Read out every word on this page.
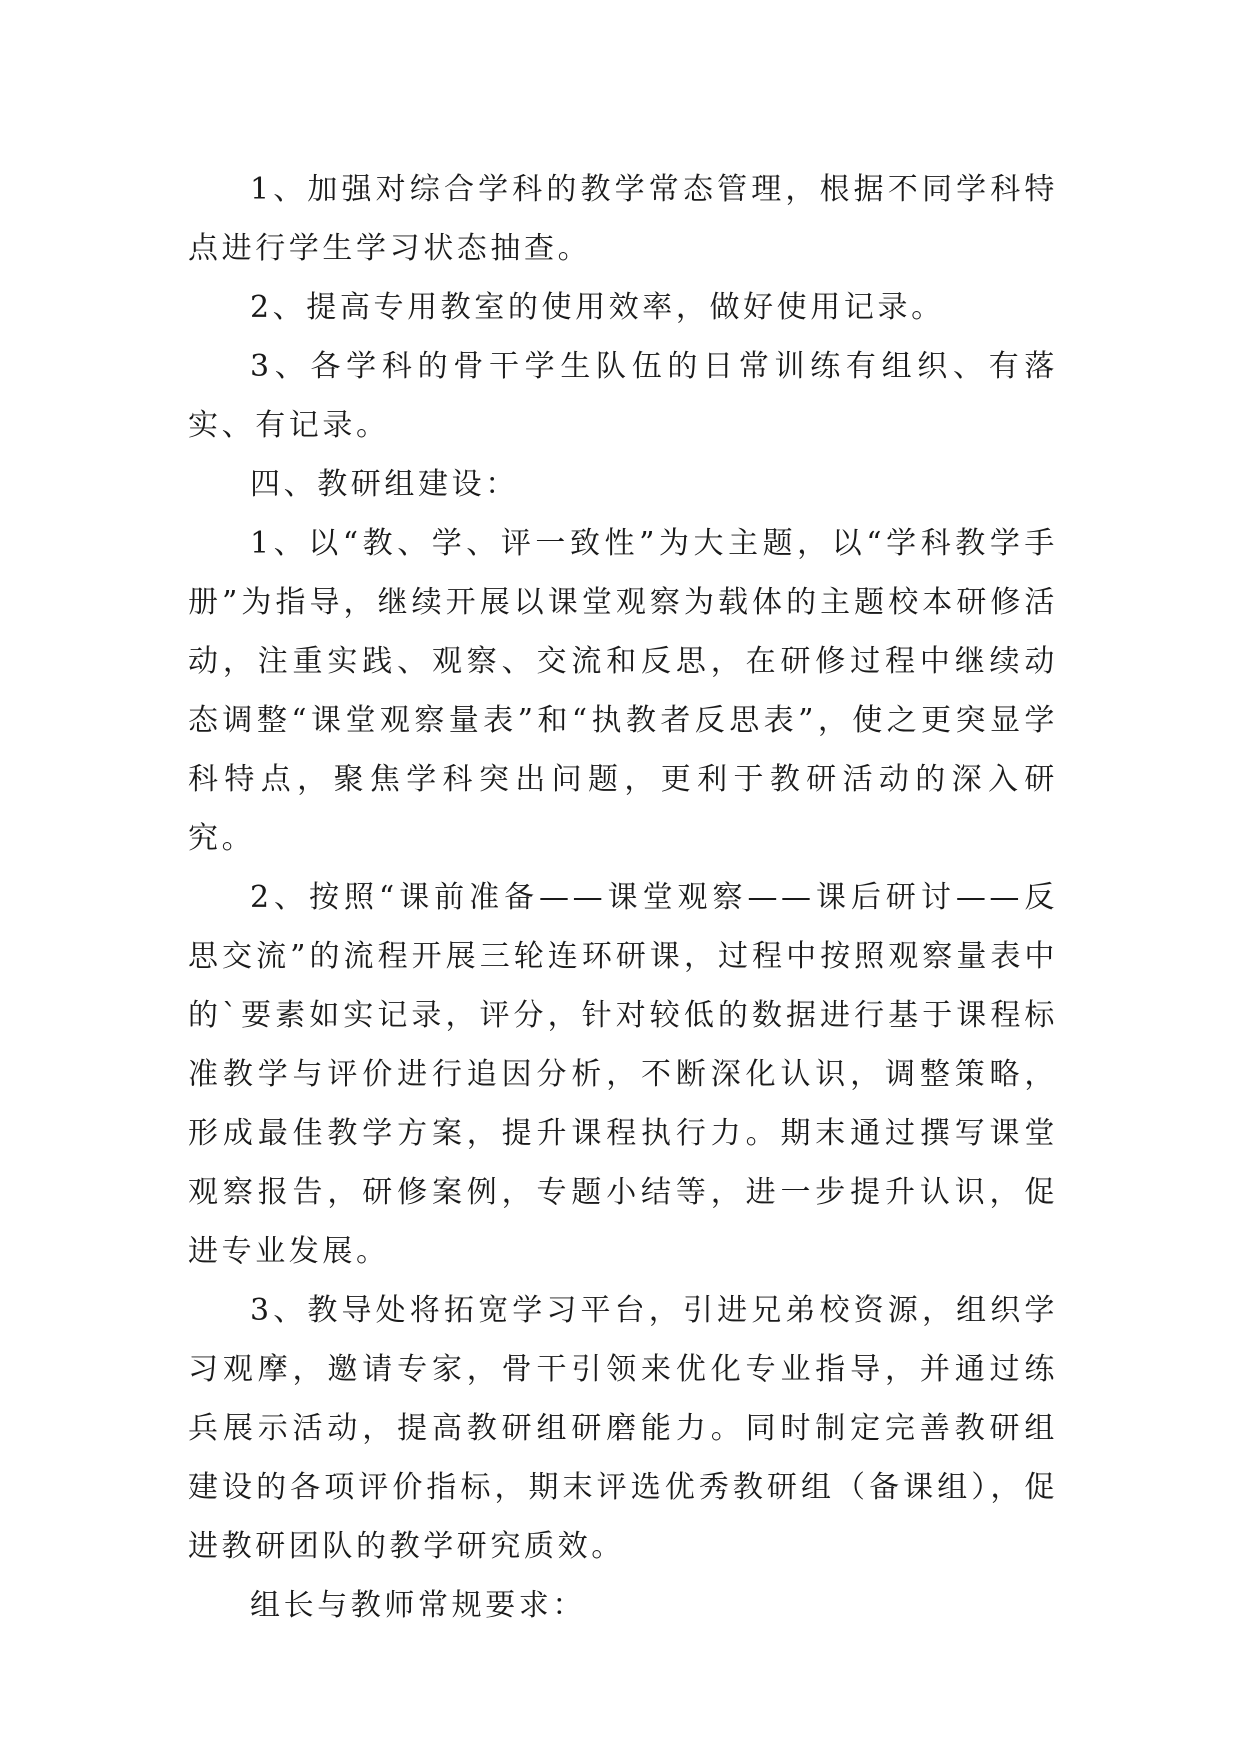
1、加强对综合学科的教学常态管理，根据不同学科特点进行学生学习状态抽查。

2、提高专用教室的使用效率，做好使用记录。

3、各学科的骨干学生队伍的日常训练有组织、有落实、有记录。

四、教研组建设：

1、以“教、学、评一致性”为大主题，以“学科教学手册”为指导，继续开展以课堂观察为载体的主题校本研修活动，注重实践、观察、交流和反思，在研修过程中继续动态调整“课堂观察量表”和“执教者反思表”，使之更突显学科特点，聚焦学科突出问题，更利于教研活动的深入研究。

2、按照“课前准备——课堂观察——课后研讨——反思交流”的流程开展三轮连环研课，过程中按照观察量表中的`要素如实记录，评分，针对较低的数据进行基于课程标准教学与评价进行追因分析，不断深化认识，调整策略，形成最佳教学方案，提升课程执行力。期末通过撰写课堂观察报告，研修案例，专题小结等，进一步提升认识，促进专业发展。

3、教导处将拓宽学习平台，引进兄弟校资源，组织学习观摩，邀请专家，骨干引领来优化专业指导，并通过练兵展示活动，提高教研组研磨能力。同时制定完善教研组建设的各项评价指标，期末评选优秀教研组（备课组），促进教研团队的教学研究质效。

组长与教师常规要求：
